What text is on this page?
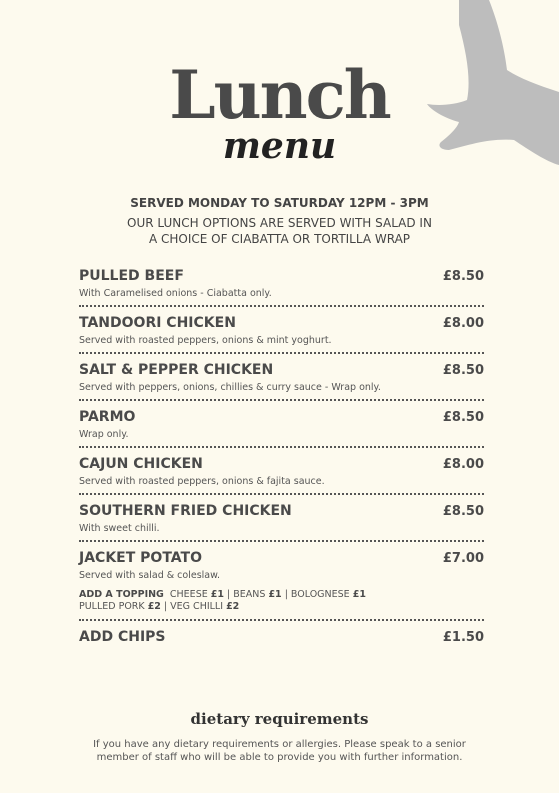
Lunch
menu
SERVED MONDAY TO SATURDAY 12PM - 3PM
OUR LUNCH OPTIONS ARE SERVED WITH SALAD IN
A CHOICE OF CIABATTA OR TORTILLA WRAP
PULLED BEEF	£8.50
With Caramelised onions - Ciabatta only.
TANDOORI CHICKEN	£8.00
Served with roasted peppers, onions & mint yoghurt.
SALT & PEPPER CHICKEN	£8.50
Served with peppers, onions, chillies & curry sauce - Wrap only.
PARMO	£8.50
Wrap only.
CAJUN CHICKEN	£8.00
Served with roasted peppers, onions & fajita sauce.
SOUTHERN FRIED CHICKEN	£8.50
With sweet chilli.
JACKET POTATO	£7.00
Served with salad & coleslaw.
ADD A TOPPING CHEESE £1 | BEANS £1 | BOLOGNESE £1
PULLED PORK £2 | VEG CHILLI £2
ADD CHIPS	£1.50
dietary requirements
If you have any dietary requirements or allergies. Please speak to a senior
member of staff who will be able to provide you with further information.
